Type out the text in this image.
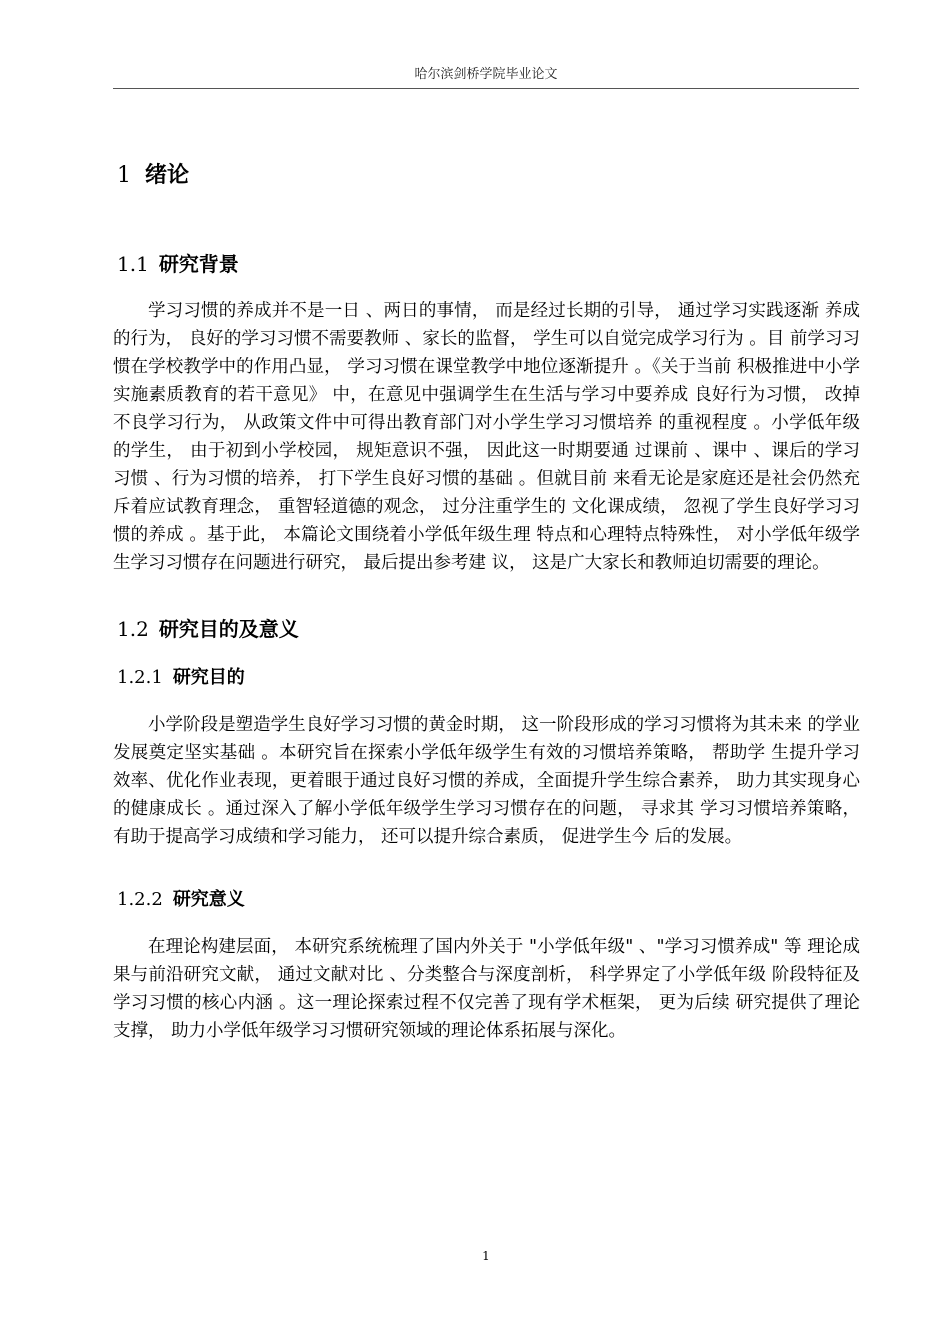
哈尔滨剑桥学院毕业论文
1 绪论
1.1 研究背景

学习习惯的养成并不是一日 、两日的事情， 而是经过长期的引导， 通过学习实践逐渐 养成的行为， 良好的学习习惯不需要教师 、家长的监督， 学生可以自觉完成学习行为 。目 前学习习惯在学校教学中的作用凸显， 学习习惯在课堂教学中地位逐渐提升 。《关于当前 积极推进中小学实施素质教育的若干意见》 中，在意见中强调学生在生活与学习中要养成 良好行为习惯， 改掉不良学习行为， 从政策文件中可得出教育部门对小学生学习习惯培养 的重视程度 。小学低年级的学生， 由于初到小学校园， 规矩意识不强， 因此这一时期要通 过课前 、课中 、课后的学习习惯 、行为习惯的培养， 打下学生良好习惯的基础 。但就目前 来看无论是家庭还是社会仍然充斥着应试教育理念， 重智轻道德的观念， 过分注重学生的 文化课成绩， 忽视了学生良好学习习惯的养成 。基于此， 本篇论文围绕着小学低年级生理 特点和心理特点特殊性， 对小学低年级学生学习习惯存在问题进行研究， 最后提出参考建 议， 这是广大家长和教师迫切需要的理论。

1.2 研究目的及意义
1.2.1 研究目的

小学阶段是塑造学生良好学习习惯的黄金时期， 这一阶段形成的学习习惯将为其未来 的学业发展奠定坚实基础 。本研究旨在探索小学低年级学生有效的习惯培养策略， 帮助学 生提升学习效率、优化作业表现，更着眼于通过良好习惯的养成，全面提升学生综合素养， 助力其实现身心的健康成长 。通过深入了解小学低年级学生学习习惯存在的问题， 寻求其 学习习惯培养策略， 有助于提高学习成绩和学习能力， 还可以提升综合素质， 促进学生今 后的发展。

1.2.2 研究意义

在理论构建层面， 本研究系统梳理了国内外关于 "小学低年级" 、"学习习惯养成" 等 理论成果与前沿研究文献， 通过文献对比 、分类整合与深度剖析， 科学界定了小学低年级 阶段特征及学习习惯的核心内涵 。这一理论探索过程不仅完善了现有学术框架， 更为后续 研究提供了理论支撑， 助力小学低年级学习习惯研究领域的理论体系拓展与深化。

1
